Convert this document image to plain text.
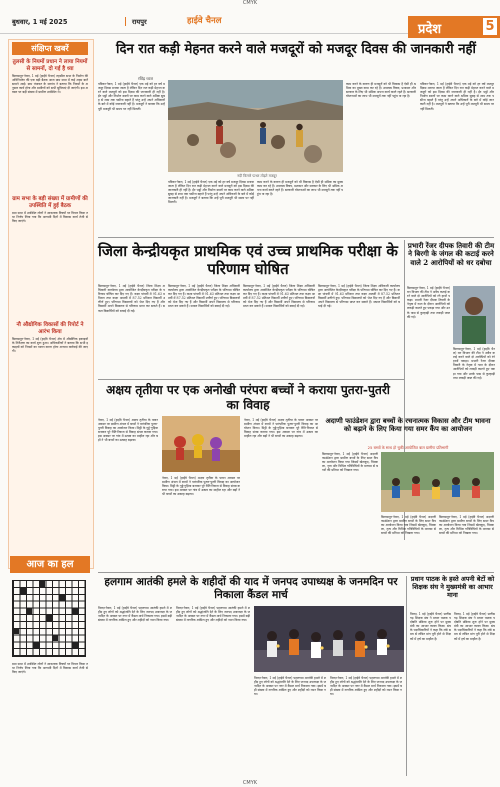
CMYK
बुधवार, 1 मई 2025	रायपुर	हाईवे चैनल
प्रदेश	5
संक्षिप्त खबरें
तुलसी के नियमों प्रधान ने लाया नियमों से सामनों, दो गई है ध्या
बिलासपुर-नेवरा, 1 मई (हाईवे चैनल) तहसील सभा के निर्माण की अधिनिर्माण की एक बड़ी बैठक आज ग्राम सभा में कई अहम बातें सामने आई। ग्राम पंचायत के सरपंच ने बताया कि नियमों के अनुसार कार्य होगा और ग्रामीणों को सभी सुविधाएं दी जाएंगी। इस अवसर पर बड़ी संख्या में ग्रामीण उपस्थित थे।
ग्राम सभा के बड़ी संख्या में ग्रामीणों की उपस्थिति में हुई बैठक
ग्राम सभा में उपस्थित लोगों ने आवश्यक विषयों पर विचार किया तथा निर्णय लिया गया कि आगामी दिनों में विकास कार्य तेजी से किए जाएंगे।
नौ औद्योगिक विकासों की रिपोर्ट ने आरंभ किया
बिलासपुर-नेवरा, 1 मई (हाईवे चैनल) क्षेत्र में औद्योगिक इकाइयों के निरीक्षण का कार्य शुरू हुआ। अधिकारियों ने बताया कि सभी इकाइयों को नियमों का पालन करना होगा अन्यथा कार्रवाई की जाएगी।
आज का हल
ग्राम सभा में उपस्थित लोगों ने आवश्यक विषयों पर विचार किया तथा निर्णय लिया गया कि आगामी दिनों में विकास कार्य तेजी से किए जाएंगे।
दिन रात कड़ी मेहनत करने वाले मजदूरों को मजदूर दिवस की जानकारी नहीं
रविंद्र ध्वज
पत्रिका-नेवरा, 1 मई (हाईवे चैनल) एक मई को हर वर्ष मजदूर दिवस मनाया जाता है लेकिन दिन रात कड़ी मेहनत करने वाले मजदूरों को इस दिवस की जानकारी ही नहीं है। ईंट भट्ठों और निर्माण स्थलों पर काम करने वाले श्रमिक सुबह से शाम तक पसीना बहाते हैं परंतु उन्हें अपने अधिकारों के बारे में कोई जानकारी नहीं है। मजदूरों ने बताया कि उन्हें पूरी मजदूरी भी समय पर नहीं मिलती।
नदी किनारे पत्थर तोड़ते मजदूर
पत्रिका-नेवरा, 1 मई (हाईवे चैनल) एक मई को हर वर्ष मजदूर दिवस मनाया जाता है लेकिन दिन रात कड़ी मेहनत करने वाले मजदूरों को इस दिवस की जानकारी ही नहीं है। ईंट भट्ठों और निर्माण स्थलों पर काम करने वाले श्रमिक सुबह से शाम तक पसीना बहाते हैं परंतु उन्हें अपने अधिकारों के बारे में कोई जानकारी नहीं है। मजदूरों ने बताया कि उन्हें पूरी मजदूरी भी समय पर नहीं मिलती।
काम करने के कारण ही मजदूरों को भी विकास है ऐसी ही श्रमिक का मुख्य काम कर रहे हैं। उपलब्ध विषय, प्रशासन और सरकार के लिए भी श्रमिक अपना कार्य करते रहते हैं। सरकारी योजनाओं का लाभ भी मजदूरों तक नहीं पहुंच पा रहा है।
काम करने के कारण ही मजदूरों को भी विकास है ऐसी ही श्रमिक का मुख्य काम कर रहे हैं। उपलब्ध विषय, प्रशासन और सरकार के लिए भी श्रमिक अपना कार्य करते रहते हैं। सरकारी योजनाओं का लाभ भी मजदूरों तक नहीं पहुंच पा रहा है।
पत्रिका-नेवरा, 1 मई (हाईवे चैनल) एक मई को हर वर्ष मजदूर दिवस मनाया जाता है लेकिन दिन रात कड़ी मेहनत करने वाले मजदूरों को इस दिवस की जानकारी ही नहीं है। ईंट भट्ठों और निर्माण स्थलों पर काम करने वाले श्रमिक सुबह से शाम तक पसीना बहाते हैं परंतु उन्हें अपने अधिकारों के बारे में कोई जानकारी नहीं है। मजदूरों ने बताया कि उन्हें पूरी मजदूरी भी समय पर नहीं मिलती।
जिला केन्द्रीयकृत प्राथमिक एवं उच्च प्राथमिक परीक्षा के परिणाम घोषित
बिलासपुर-नेवरा, 1 मई (हाईवे चैनल) जिला शिक्षा अधिकारी कार्यालय द्वारा आयोजित केन्द्रीयकृत परीक्षा के परिणाम घोषित कर दिए गए हैं। कक्षा पांचवीं में 91.63 प्रतिशत तथा कक्षा आठवीं में 87.52 प्रतिशत विद्यार्थी उत्तीर्ण हुए। परिणाम विद्यालयों को भेज दिए गए हैं और विद्यार्थी अपने विद्यालय से परिणाम प्राप्त कर सकते हैं। सफल विद्यार्थियों को बधाई दी गई।
बिलासपुर-नेवरा, 1 मई (हाईवे चैनल) जिला शिक्षा अधिकारी कार्यालय द्वारा आयोजित केन्द्रीयकृत परीक्षा के परिणाम घोषित कर दिए गए हैं। कक्षा पांचवीं में 91.63 प्रतिशत तथा कक्षा आठवीं में 87.52 प्रतिशत विद्यार्थी उत्तीर्ण हुए। परिणाम विद्यालयों को भेज दिए गए हैं और विद्यार्थी अपने विद्यालय से परिणाम प्राप्त कर सकते हैं। सफल विद्यार्थियों को बधाई दी गई।
बिलासपुर-नेवरा, 1 मई (हाईवे चैनल) जिला शिक्षा अधिकारी कार्यालय द्वारा आयोजित केन्द्रीयकृत परीक्षा के परिणाम घोषित कर दिए गए हैं। कक्षा पांचवीं में 91.63 प्रतिशत तथा कक्षा आठवीं में 87.52 प्रतिशत विद्यार्थी उत्तीर्ण हुए। परिणाम विद्यालयों को भेज दिए गए हैं और विद्यार्थी अपने विद्यालय से परिणाम प्राप्त कर सकते हैं। सफल विद्यार्थियों को बधाई दी गई।
बिलासपुर-नेवरा, 1 मई (हाईवे चैनल) जिला शिक्षा अधिकारी कार्यालय द्वारा आयोजित केन्द्रीयकृत परीक्षा के परिणाम घोषित कर दिए गए हैं। कक्षा पांचवीं में 91.63 प्रतिशत तथा कक्षा आठवीं में 87.52 प्रतिशत विद्यार्थी उत्तीर्ण हुए। परिणाम विद्यालयों को भेज दिए गए हैं और विद्यार्थी अपने विद्यालय से परिणाम प्राप्त कर सकते हैं। सफल विद्यार्थियों को बधाई दी गई।
प्रभारी रेंजर दीपक तिवारी की टीम ने बिरगी के जंगल की कटाई करने वाले 2 आरोपियों को धर दबोचा
बिलासपुर-नेवरा, 1 मई (हाईवे चैनल) वन विभाग की टीम ने अवैध कटाई करने वाले दो आरोपियों को रंगे हाथों पकड़ा। प्रभारी रेंजर दीपक तिवारी के नेतृत्व में गश्त के दौरान आरोपियों को लकड़ी काटते हुए पकड़ा गया और उनके पास से कुल्हाड़ी तथा लकड़ी जब्त की गई।
बिलासपुर-नेवरा, 1 मई (हाईवे चैनल) वन विभाग की टीम ने अवैध कटाई करने वाले दो आरोपियों को रंगे हाथों पकड़ा। प्रभारी रेंजर दीपक तिवारी के नेतृत्व में गश्त के दौरान आरोपियों को लकड़ी काटते हुए पकड़ा गया और उनके पास से कुल्हाड़ी तथा लकड़ी जब्त की गई।
अक्षय तृतीया पर एक अनोखी परंपरा बच्चों ने कराया पुतरा-पुतरी का विवाह
नेवरा, 1 मई (हाईवे चैनल) अक्षय तृतीया के पावन अवसर पर ग्रामीण अंचल में बच्चों ने पारंपरिक पुतरा-पुतरी विवाह का आयोजन किया। मिट्टी के गुड्डे-गुड़िया बनाकर पूरे रीति-रिवाज से विवाह संपन्न कराया गया। इस अवसर पर गांव में उत्सव का माहौल रहा और बड़ों ने भी बच्चों का उत्साह बढ़ाया।
नेवरा, 1 मई (हाईवे चैनल) अक्षय तृतीया के पावन अवसर पर ग्रामीण अंचल में बच्चों ने पारंपरिक पुतरा-पुतरी विवाह का आयोजन किया। मिट्टी के गुड्डे-गुड़िया बनाकर पूरे रीति-रिवाज से विवाह संपन्न कराया गया। इस अवसर पर गांव में उत्सव का माहौल रहा और बड़ों ने भी बच्चों का उत्साह बढ़ाया।
नेवरा, 1 मई (हाईवे चैनल) अक्षय तृतीया के पावन अवसर पर ग्रामीण अंचल में बच्चों ने पारंपरिक पुतरा-पुतरी विवाह का आयोजन किया। मिट्टी के गुड्डे-गुड़िया बनाकर पूरे रीति-रिवाज से विवाह संपन्न कराया गया। इस अवसर पर गांव में उत्सव का माहौल रहा और बड़ों ने भी बच्चों का उत्साह बढ़ाया।
अदाणी फाउंडेशन द्वारा बच्चों के रचनात्मक विकास और टीम भावना को बढ़ाने के लिए किया गया समर कैंप का आयोजन
25 बच्चों के साथ हो चुकी आयोजित बाल ग्रामीण प्रतिभागी
बिलासपुर-नेवरा, 1 मई (हाईवे चैनल) अदाणी फाउंडेशन द्वारा ग्रामीण बच्चों के लिए समर कैंप का आयोजन किया गया जिसमें खेलकूद, चित्रकला, नृत्य और विभिन्न गतिविधियों के माध्यम से बच्चों की प्रतिभा को निखारा गया।
बिलासपुर-नेवरा, 1 मई (हाईवे चैनल) अदाणी फाउंडेशन द्वारा ग्रामीण बच्चों के लिए समर कैंप का आयोजन किया गया जिसमें खेलकूद, चित्रकला, नृत्य और विभिन्न गतिविधियों के माध्यम से बच्चों की प्रतिभा को निखारा गया।
बिलासपुर-नेवरा, 1 मई (हाईवे चैनल) अदाणी फाउंडेशन द्वारा ग्रामीण बच्चों के लिए समर कैंप का आयोजन किया गया जिसमें खेलकूद, चित्रकला, नृत्य और विभिन्न गतिविधियों के माध्यम से बच्चों की प्रतिभा को निखारा गया।
हलगाम आतंकी हमले के शहीदों की याद में जनपद उपाध्यक्ष के जनमदिन पर निकाला कैंडल मार्च
तिल्दा-नेवरा, 1 मई (हाईवे चैनल) पहलगाम आतंकी हमले में शहीद हुए लोगों को श्रद्धांजलि देने के लिए जनपद उपाध्यक्ष के जन्मदिन के अवसर पर नगर में कैंडल मार्च निकाला गया। इसमें बड़ी संख्या में नागरिक शामिल हुए और शहीदों को नमन किया गया।
तिल्दा-नेवरा, 1 मई (हाईवे चैनल) पहलगाम आतंकी हमले में शहीद हुए लोगों को श्रद्धांजलि देने के लिए जनपद उपाध्यक्ष के जन्मदिन के अवसर पर नगर में कैंडल मार्च निकाला गया। इसमें बड़ी संख्या में नागरिक शामिल हुए और शहीदों को नमन किया गया।
तिल्दा-नेवरा, 1 मई (हाईवे चैनल) पहलगाम आतंकी हमले में शहीद हुए लोगों को श्रद्धांजलि देने के लिए जनपद उपाध्यक्ष के जन्मदिन के अवसर पर नगर में कैंडल मार्च निकाला गया। इसमें बड़ी संख्या में नागरिक शामिल हुए और शहीदों को नमन किया गया।
तिल्दा-नेवरा, 1 मई (हाईवे चैनल) पहलगाम आतंकी हमले में शहीद हुए लोगों को श्रद्धांजलि देने के लिए जनपद उपाध्यक्ष के जन्मदिन के अवसर पर नगर में कैंडल मार्च निकाला गया। इसमें बड़ी संख्या में नागरिक शामिल हुए और शहीदों को नमन किया गया।
प्रधान पाठक के हस्ते अपनी बेटों को शिक्षक संघ ने मुख्यमंत्री का आभार माना
तिल्दा, 1 मई (हाईवे चैनल) छत्तीसगढ़ शिक्षक संघ ने प्रधान पाठक पदोन्नति प्रक्रिया शुरू होने पर मुख्यमंत्री का आभार व्यक्त किया। संघ के पदाधिकारियों ने कहा कि लंबे समय से लंबित मांग पूरी होने से शिक्षकों में हर्ष का माहौल है।
तिल्दा, 1 मई (हाईवे चैनल) छत्तीसगढ़ शिक्षक संघ ने प्रधान पाठक पदोन्नति प्रक्रिया शुरू होने पर मुख्यमंत्री का आभार व्यक्त किया। संघ के पदाधिकारियों ने कहा कि लंबे समय से लंबित मांग पूरी होने से शिक्षकों में हर्ष का माहौल है।
CMYK
